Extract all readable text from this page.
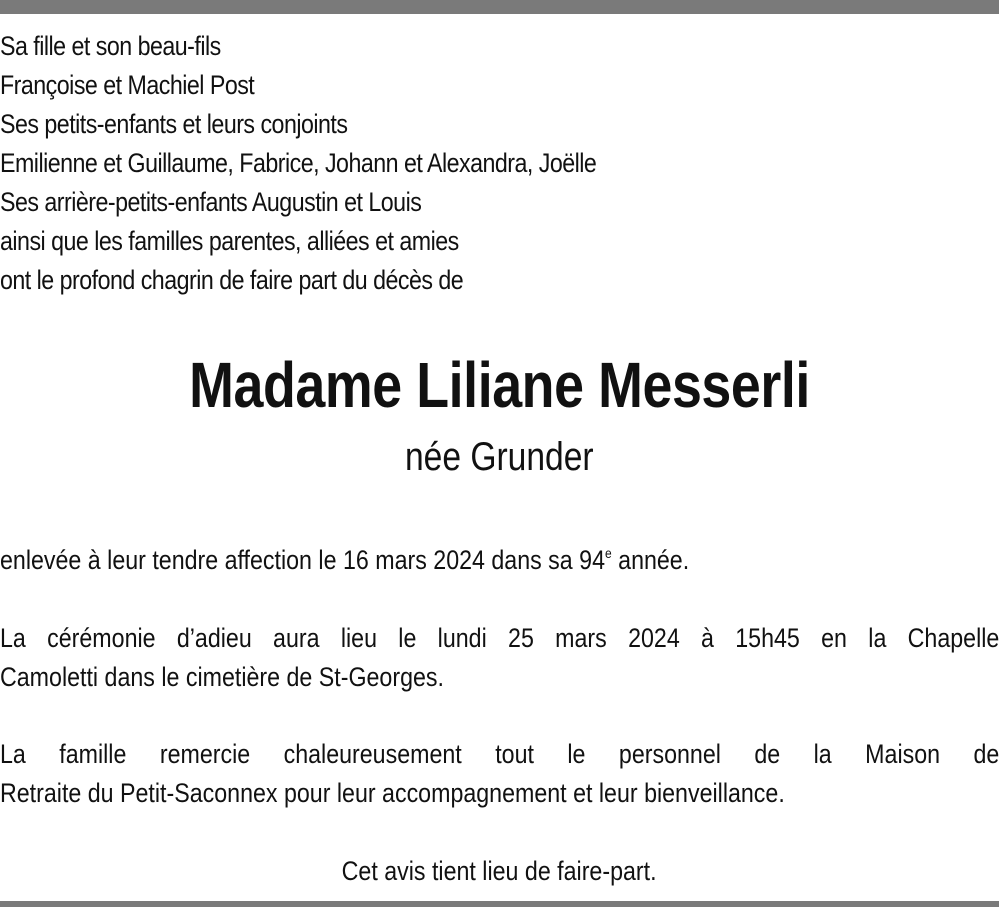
Sa fille et son beau-fils
Françoise et Machiel Post
Ses petits-enfants et leurs conjoints
Emilienne et Guillaume, Fabrice, Johann et Alexandra, Joëlle
Ses arrière-petits-enfants Augustin et Louis
ainsi que les familles parentes, alliées et amies
ont le profond chagrin de faire part du décès de
Madame Liliane Messerli
née Grunder

enlevée à leur tendre affection le 16 mars 2024 dans sa 94e année.

La cérémonie d’adieu aura lieu le lundi 25 mars 2024 à 15h45 en la Chapelle
Camoletti dans le cimetière de St-Georges.
La famille remercie chaleureusement tout le personnel de la Maison de
Retraite du Petit-Saconnex pour leur accompagnement et leur bienveillance.
Cet avis tient lieu de faire-part.
